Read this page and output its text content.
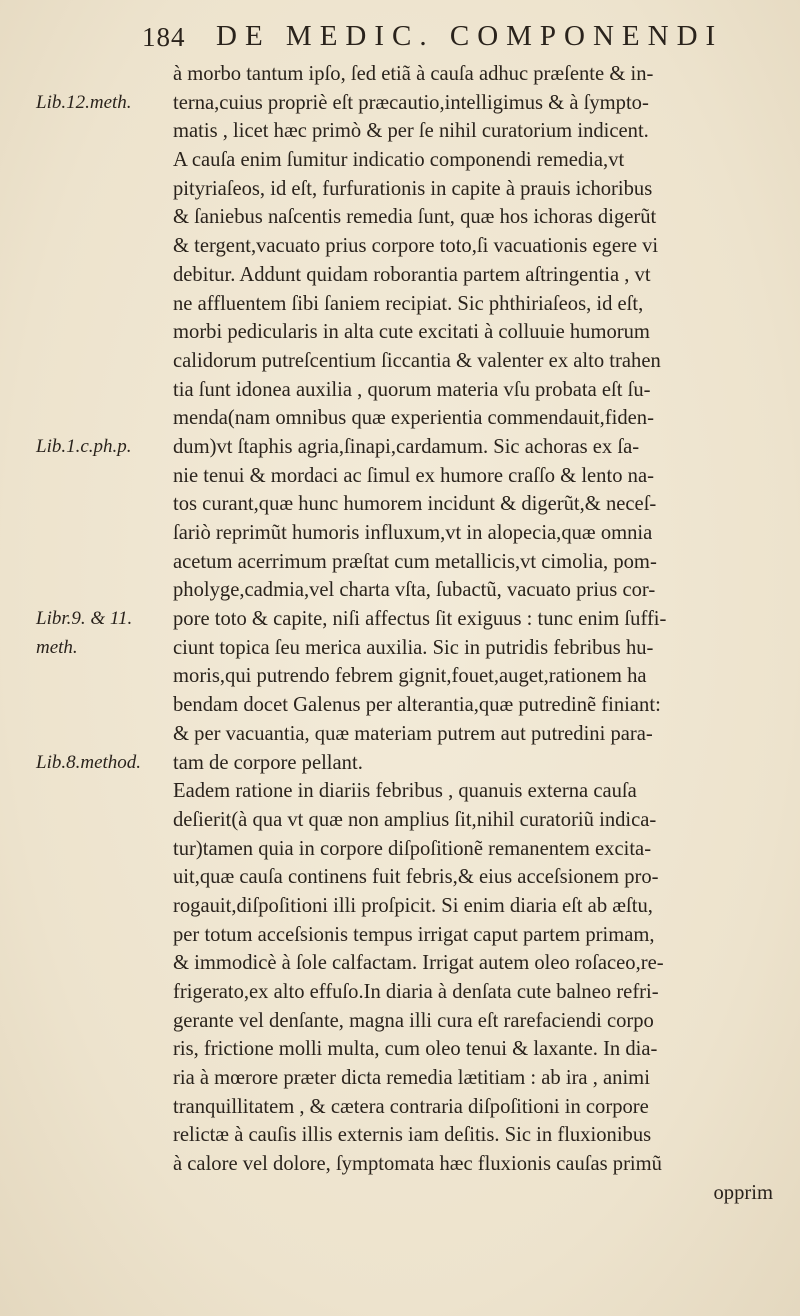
184 DE MEDIC. COMPONENDI
Lib.12.meth.
Lib.1.c.ph.p.
Libr.9. & 11.
meth.
Lib.8.method.
à morbo tantum ipſo, ſed etiã à cauſa adhuc præſente & in-
terna,cuius propriè eſt præcautio,intelligimus & à ſympto-
matis , licet hæc primò & per ſe nihil curatorium indicent.
A cauſa enim ſumitur indicatio componendi remedia,vt
pityriaſeos, id eſt, furfurationis in capite à prauis ichoribus
& ſaniebus naſcentis remedia ſunt, quæ hos ichoras digerũt
& tergent,vacuato prius corpore toto,ſi vacuationis egere vi
debitur. Addunt quidam roborantia partem aſtringentia , vt
ne affluentem ſibi ſaniem recipiat. Sic phthiriaſeos, id eſt,
morbi pedicularis in alta cute excitati à colluuie humorum
calidorum putreſcentium ſiccantia & valenter ex alto trahen
tia ſunt idonea auxilia , quorum materia vſu probata eſt ſu-
menda(nam omnibus quæ experientia commendauit,fiden-
dum)vt ſtaphis agria,ſinapi,cardamum. Sic achoras ex ſa-
nie tenui & mordaci ac ſimul ex humore craſſo & lento na-
tos curant,quæ hunc humorem incidunt & digerũt,& neceſ-
ſariò reprimũt humoris influxum,vt in alopecia,quæ omnia
acetum acerrimum præſtat cum metallicis,vt cimolia, pom-
pholyge,cadmia,vel charta vſta, ſubactũ, vacuato prius cor-
pore toto & capite, niſi affectus ſit exiguus : tunc enim ſuffi-
ciunt topica ſeu merica auxilia. Sic in putridis febribus hu-
moris,qui putrendo febrem gignit,fouet,auget,rationem ha
bendam docet Galenus per alterantia,quæ putredinẽ finiant:
& per vacuantia, quæ materiam putrem aut putredini para-
tam de corpore pellant.
Eadem ratione in diariis febribus , quanuis externa cauſa
deſierit(à qua vt quæ non amplius ſit,nihil curatoriũ indica-
tur)tamen quia in corpore diſpoſitionẽ remanentem excita-
uit,quæ cauſa continens fuit febris,& eius acceſsionem pro-
rogauit,diſpoſitioni illi proſpicit. Si enim diaria eſt ab æſtu,
per totum acceſsionis tempus irrigat caput partem primam,
& immodicè à ſole calfactam. Irrigat autem oleo roſaceo,re-
frigerato,ex alto effuſo.In diaria à denſata cute balneo refri-
gerante vel denſante, magna illi cura eſt rarefaciendi corpo
ris, frictione molli multa, cum oleo tenui & laxante. In dia-
ria à mœrore præter dicta remedia lætitiam : ab ira , animi
tranquillitatem , & cætera contraria diſpoſitioni in corpore
relictæ à cauſis illis externis iam deſitis. Sic in fluxionibus
à calore vel dolore, ſymptomata hæc fluxionis cauſas primũ
opprim
